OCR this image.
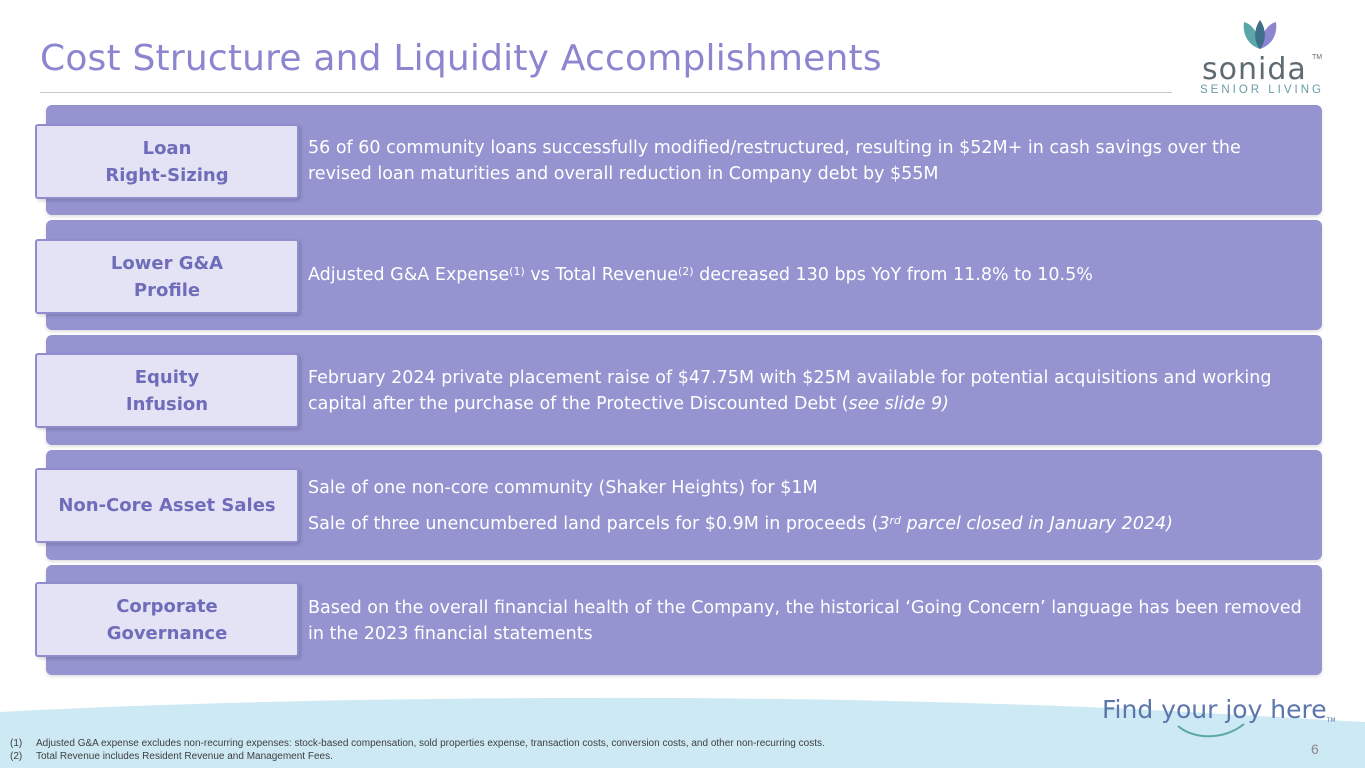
Cost Structure and Liquidity Accomplishments	sonida TM
SENIOR LIVING
Loan
Right-Sizing

56 of 60 community loans successfully modified/restructured, resulting in $52M+ in cash savings over the revised loan maturities and overall reduction in Company debt by $55M

Lower G&A
Profile

Adjusted G&A Expense$^{(1)}$ vs Total Revenue$^{(2)}$ decreased 130 bps YoY from 11.8% to 10.5%

Equity
Infusion

February 2024 private placement raise of $47.75M with $25M available for potential acquisitions and working capital after the purchase of the Protective Discounted Debt (see slide 9)

Non-Core Asset Sales

Sale of one non-core community (Shaker Heights) for $1M

Sale of three unencumbered land parcels for $0.9M in proceeds (3rd parcel closed in January 2024)

Corporate
Governance

Based on the overall financial health of the Company, the historical ‘Going Concern’ language has been removed in the 2023 financial statements

Find your joy hereTM
(1)	Adjusted G&A expense excludes non-recurring expenses: stock-based compensation, sold properties expense, transaction costs, conversion costs, and other non-recurring costs.
(2)	Total Revenue includes Resident Revenue and Management Fees.	6
